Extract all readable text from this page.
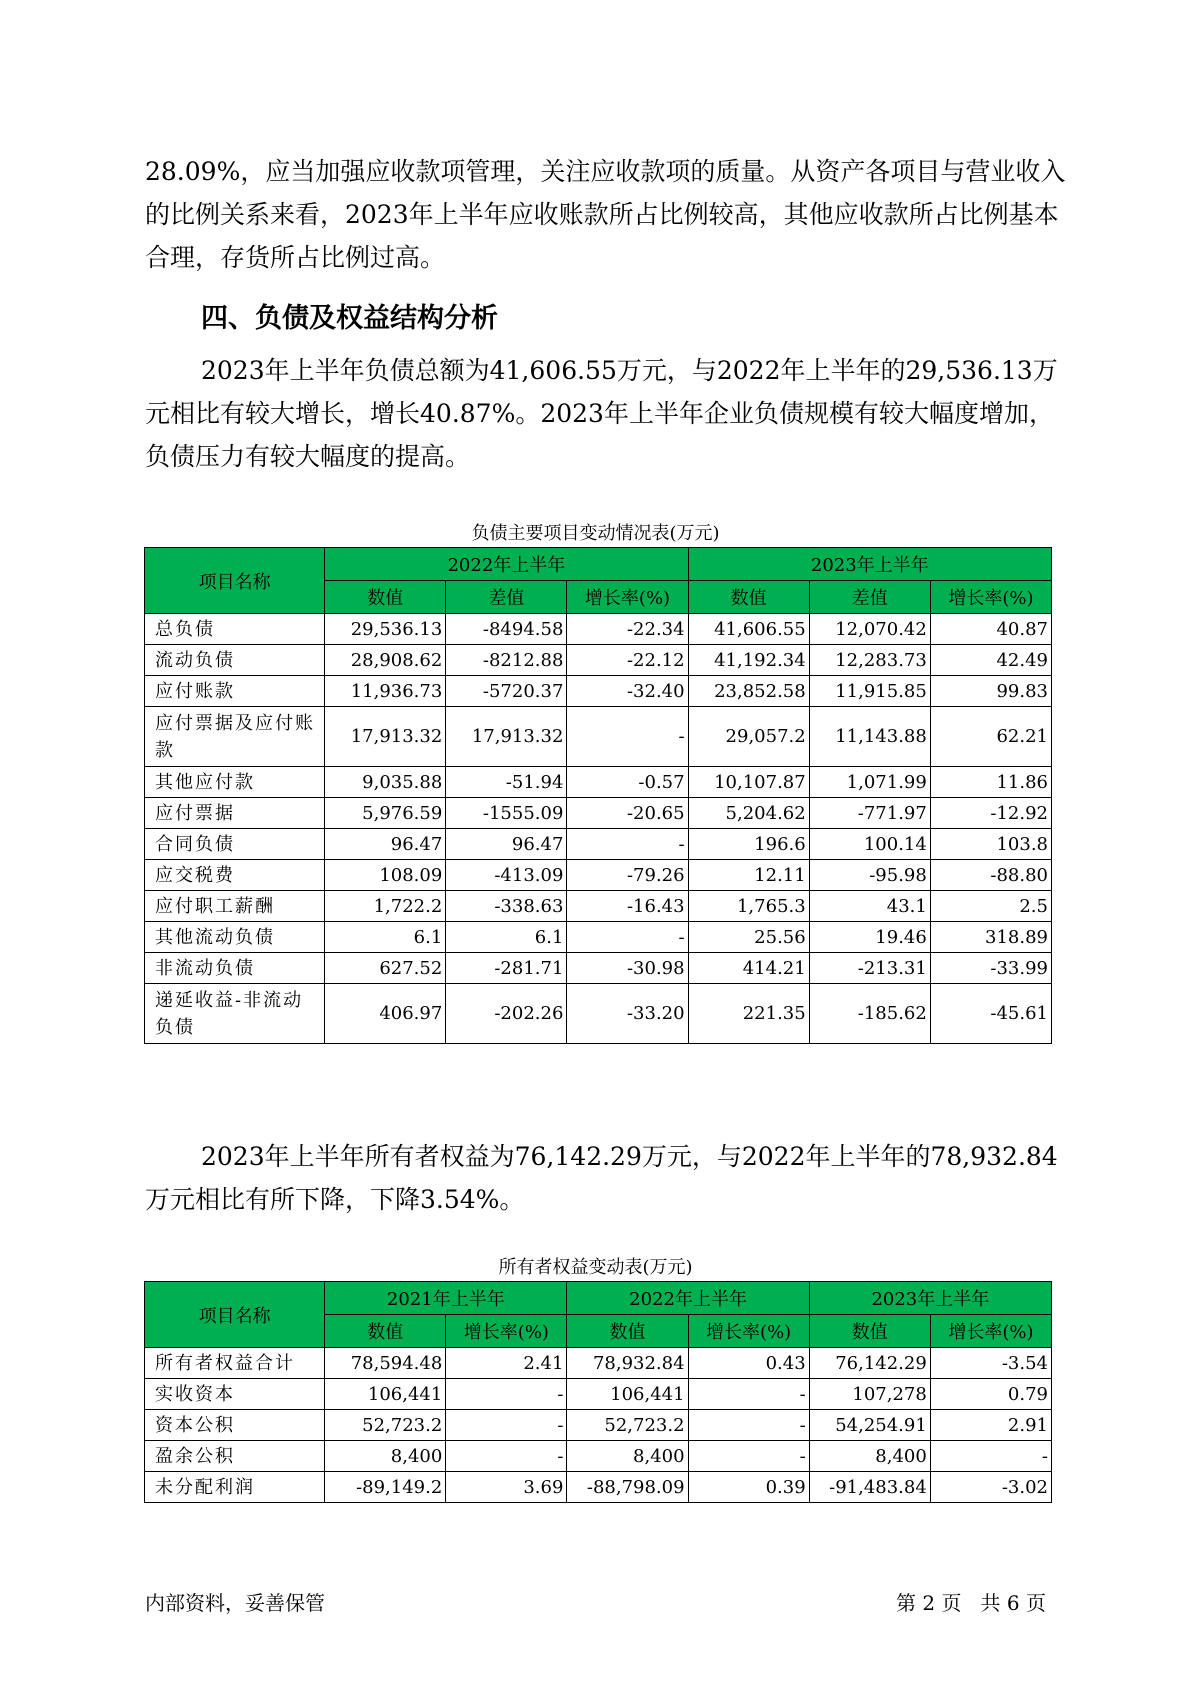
28.09%，应当加强应收款项管理，关注应收款项的质量。从资产各项目与营业收入的比例关系来看，2023年上半年应收账款所占比例较高，其他应收款所占比例基本合理，存货所占比例过高。

四、负债及权益结构分析

2023年上半年负债总额为41,606.55万元，与2022年上半年的29,536.13万元相比有较大增长，增长40.87%。2023年上半年企业负债规模有较大幅度增加，负债压力有较大幅度的提高。

负债主要项目变动情况表(万元)

项目名称	2022年上半年			2023年上半年		
	数值	差值	增长率(%)	数值	差值	增长率(%)
总负债	29,536.13	-8494.58	-22.34	41,606.55	12,070.42	40.87
流动负债	28,908.62	-8212.88	-22.12	41,192.34	12,283.73	42.49
应付账款	11,936.73	-5720.37	-32.40	23,852.58	11,915.85	99.83
应付票据及应付账款	17,913.32	17,913.32	-	29,057.2	11,143.88	62.21
其他应付款	9,035.88	-51.94	-0.57	10,107.87	1,071.99	11.86
应付票据	5,976.59	-1555.09	-20.65	5,204.62	-771.97	-12.92
合同负债	96.47	96.47	-	196.6	100.14	103.8
应交税费	108.09	-413.09	-79.26	12.11	-95.98	-88.80
应付职工薪酬	1,722.2	-338.63	-16.43	1,765.3	43.1	2.5
其他流动负债	6.1	6.1	-	25.56	19.46	318.89
非流动负债	627.52	-281.71	-30.98	414.21	-213.31	-33.99
递延收益-非流动负债	406.97	-202.26	-33.20	221.35	-185.62	-45.61

2023年上半年所有者权益为76,142.29万元，与2022年上半年的78,932.84万元相比有所下降，下降3.54%。

所有者权益变动表(万元)

项目名称	2021年上半年		2022年上半年		2023年上半年	
	数值	增长率(%)	数值	增长率(%)	数值	增长率(%)
所有者权益合计	78,594.48	2.41	78,932.84	0.43	76,142.29	-3.54
实收资本	106,441	-	106,441	-	107,278	0.79
资本公积	52,723.2	-	52,723.2	-	54,254.91	2.91
盈余公积	8,400	-	8,400	-	8,400	-
未分配利润	-89,149.2	3.69	-88,798.09	0.39	-91,483.84	-3.02

内部资料，妥善保管	第 2 页   共 6 页
